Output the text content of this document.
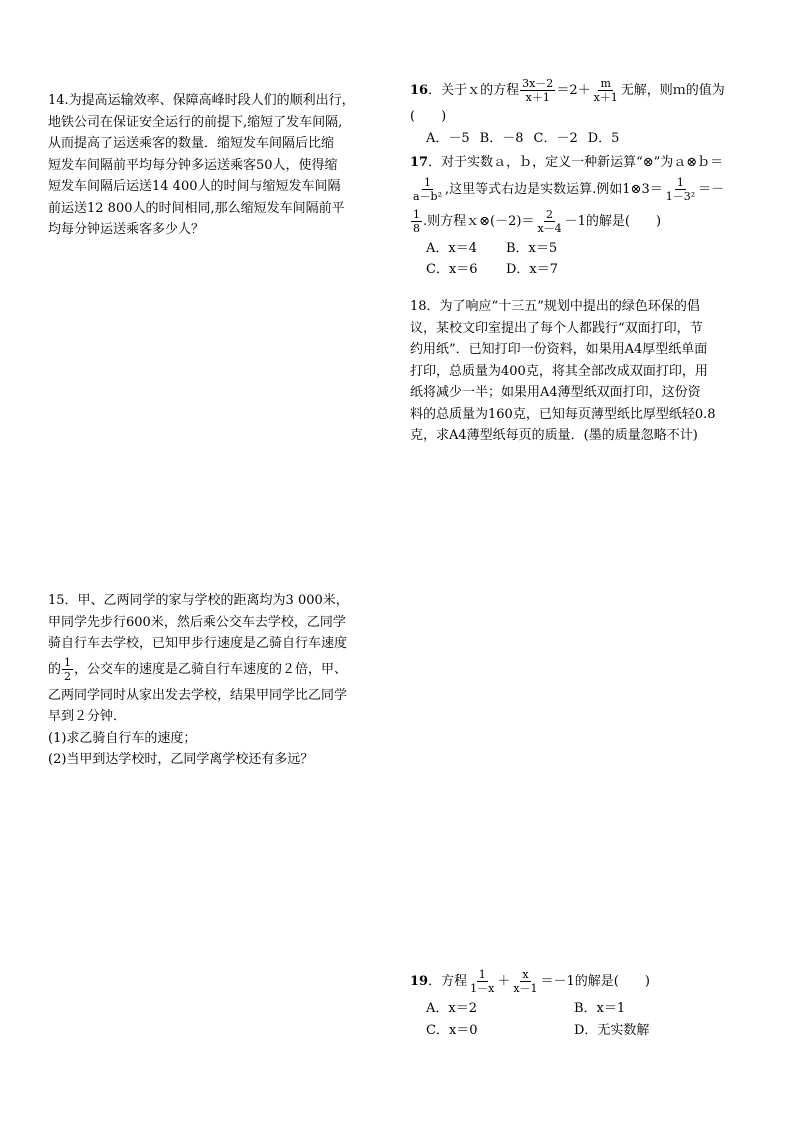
14.为提高运输效率、保障高峰时段人们的顺利出行，
地铁公司在保证安全运行的前提下,缩短了发车间隔,
从而提高了运送乘客的数量．缩短发车间隔后比缩
短发车间隔前平均每分钟多运送乘客50人，使得缩
短发车间隔后运送14 400人的时间与缩短发车间隔
前运送12 800人的时间相同,那么缩短发车间隔前平
均每分钟运送乘客多少人？
15．甲、乙两同学的家与学校的距离均为3 000米，
甲同学先步行600米，然后乘公交车去学校，乙同学
骑自行车去学校，已知甲步行速度是乙骑自行车速度
的 $\frac{1}{2}$ ，公交车的速度是乙骑自行车速度的２倍，甲、
乙两同学同时从家出发去学校，结果甲同学比乙同学
早到２分钟．
(1)求乙骑自行车的速度；
(2)当甲到达学校时，乙同学离学校还有多远？
16．关于ｘ的方程 $\frac{3x-2}{x+1} =2+ \frac{m}{x+1}$ 无解，则ｍ的值为
(　　)
A．－5 B．－8 C．－2 D．5
17．对于实数ａ，ｂ，定义一种新运算“⊗”为ａ⊗ｂ＝
$\frac{1}{\text{a－b²}}$ ,这里等式右边是实数运算.例如1⊗3＝ $\frac{1}{\text{1－3²}}$ ＝－
$\frac{1}{8}$ .则方程ｘ⊗(－2)＝ $\frac{2}{x-4} -1$的解是(　　)
A．x＝4 B．x＝5
C．x＝6 D．x＝7
18．为了响应“十三五”规划中提出的绿色环保的倡
议，某校文印室提出了每个人都践行“双面打印，节
约用纸”．已知打印一份资料，如果用A4厚型纸单面
打印，总质量为400克，将其全部改成双面打印，用
纸将减少一半；如果用A4薄型纸双面打印，这份资
料的总质量为160克，已知每页薄型纸比厚型纸轻0.8
克，求A4薄型纸每页的质量．(墨的质量忽略不计)
19．方程 $\frac{1}{1-x} + \frac{x}{x-1} =-1$的解是(　　)
A．x＝2	B．x＝1
C．x＝0	D．无实数解
